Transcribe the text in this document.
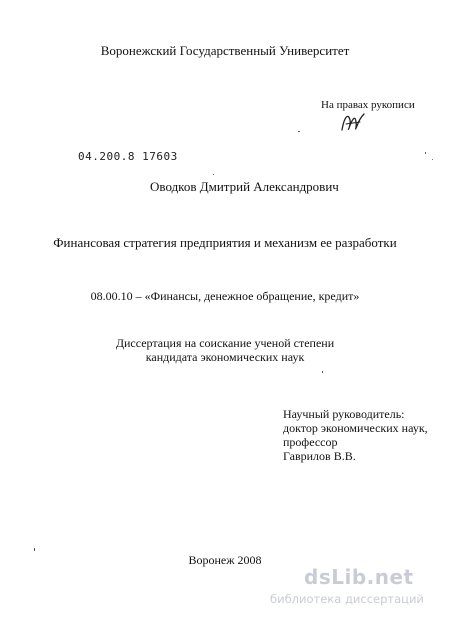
Воронежский Государственный Университет
На правах рукописи
04.200.8 17603
Оводков Дмитрий Александрович
Финансовая стратегия предприятия и механизм ее разработки
08.00.10 – «Финансы, денежное обращение, кредит»
Диссертация на соискание ученой степени
кандидата экономических наук
Научный руководитель:
доктор экономических наук,
профессор
Гаврилов В.В.
Воронеж 2008
dsLib.net
библиотека диссертаций
